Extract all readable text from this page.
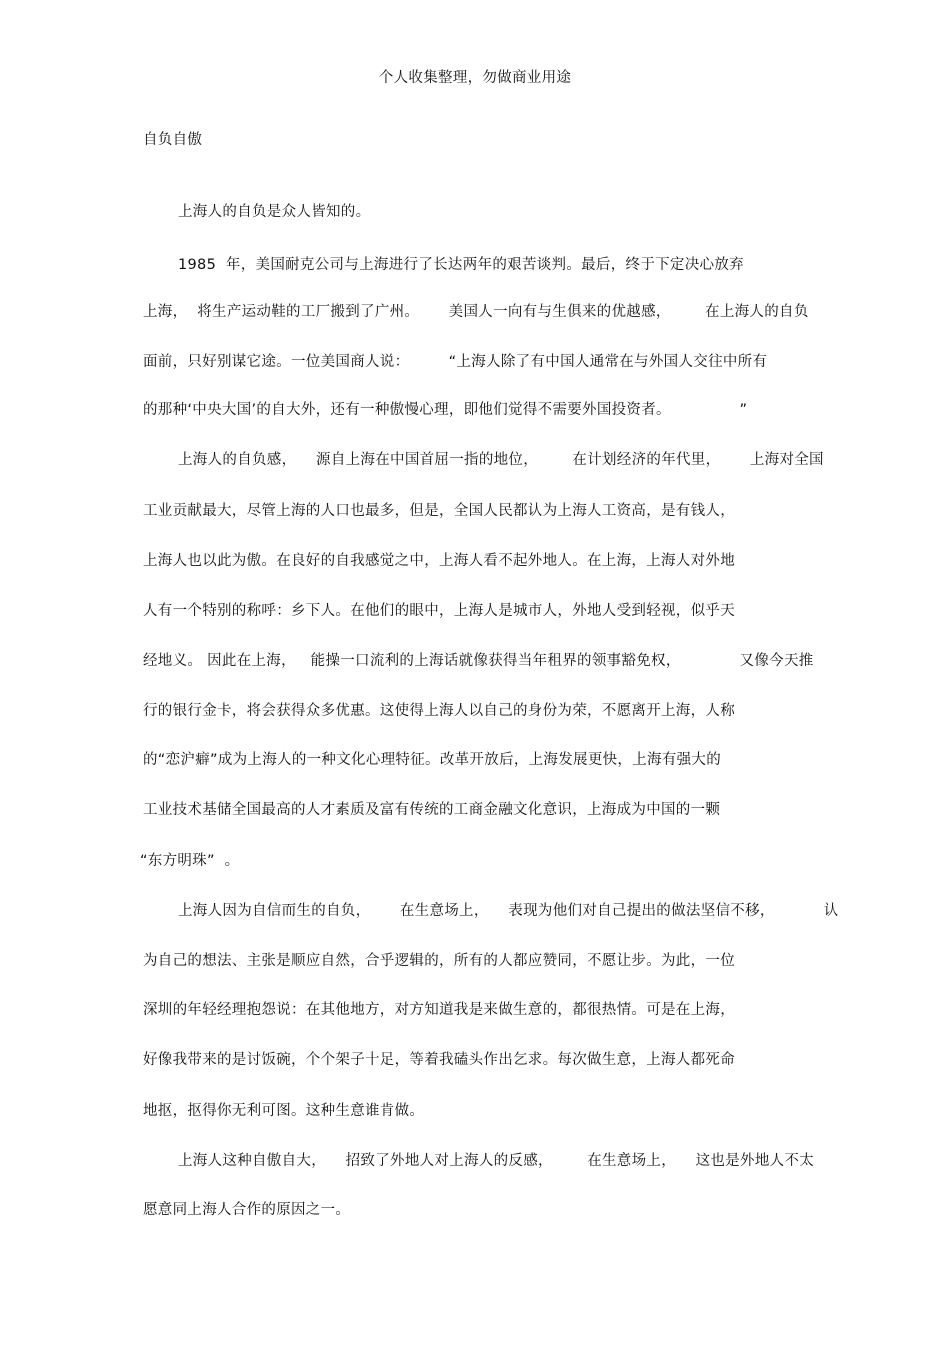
个人收集整理，勿做商业用途
自负自傲
上海人的自负是众人皆知的。
1985  年，美国耐克公司与上海进行了长达两年的艰苦谈判。最后，终于下定决心放弃
上海，  将生产运动鞋的工厂搬到了广州。      美国人一向有与生俱来的优越感，       在上海人的自负
面前，只好别谋它途。一位美国商人说：        “上海人除了有中国人通常在与外国人交往中所有
的那种‘中央大国’的自大外，还有一种傲慢心理，即他们觉得不需要外国投资者。              ”
上海人的自负感，    源自上海在中国首屈一指的地位，       在计划经济的年代里，      上海对全国
工业贡献最大，尽管上海的人口也最多，但是，全国人民都认为上海人工资高，是有钱人，
上海人也以此为傲。在良好的自我感觉之中，上海人看不起外地人。在上海，上海人对外地
人有一个特别的称呼：乡下人。在他们的眼中，上海人是城市人，外地人受到轻视，似乎天
经地义。 因此在上海，   能操一口流利的上海话就像获得当年租界的领事豁免权，            又像今天推
行的银行金卡，将会获得众多优惠。这使得上海人以自己的身份为荣，不愿离开上海，人称
的“恋沪癖”成为上海人的一种文化心理特征。改革开放后，上海发展更快，上海有强大的
工业技术基储全国最高的人才素质及富有传统的工商金融文化意识，上海成为中国的一颗
“东方明珠”  。
上海人因为自信而生的自负，      在生意场上，    表现为他们对自己提出的做法坚信不移，          认
为自己的想法、主张是顺应自然，合乎逻辑的，所有的人都应赞同，不愿让步。为此，一位
深圳的年轻经理抱怨说：在其他地方，对方知道我是来做生意的，都很热情。可是在上海，
好像我带来的是讨饭碗，个个架子十足，等着我磕头作出乞求。每次做生意，上海人都死命
地抠，抠得你无利可图。这种生意谁肯做。
上海人这种自傲自大，    招致了外地人对上海人的反感，       在生意场上，    这也是外地人不太
愿意同上海人合作的原因之一。
